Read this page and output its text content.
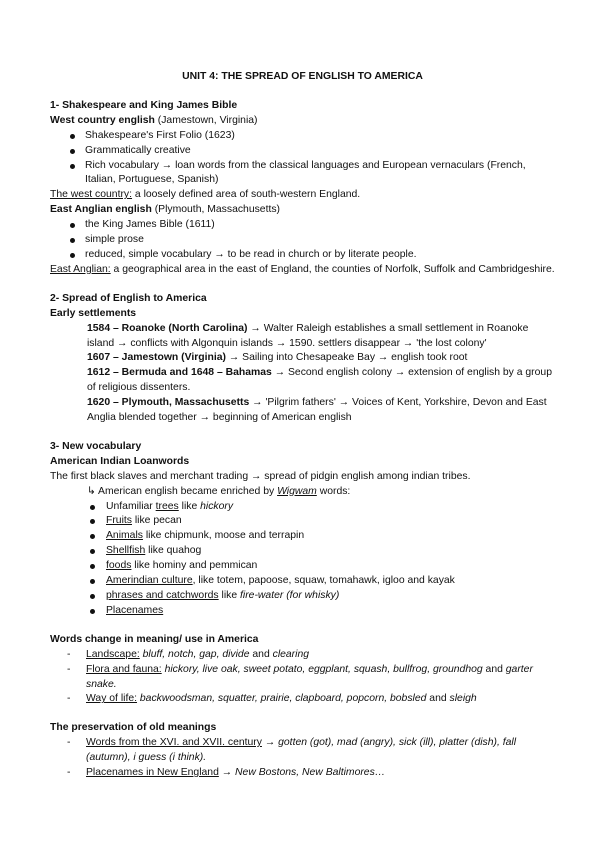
UNIT 4: THE SPREAD OF ENGLISH TO AMERICA
1- Shakespeare and King James Bible
West country english (Jamestown, Virginia)
Shakespeare's First Folio (1623)
Grammatically creative
Rich vocabulary → loan words from the classical languages and European vernaculars (French, Italian, Portuguese, Spanish)
The west country: a loosely defined area of south-western England.
East Anglian english (Plymouth, Massachusetts)
the King James Bible (1611)
simple prose
reduced, simple vocabulary → to be read in church or by literate people.
East Anglian: a geographical area in the east of England, the counties of Norfolk, Suffolk and Cambridgeshire.
2- Spread of English to America
Early settlements
1584 – Roanoke (North Carolina) → Walter Raleigh establishes a small settlement in Roanoke island → conflicts with Algonquin islands → 1590. settlers disappear → 'the lost colony'
1607 – Jamestown (Virginia) → Sailing into Chesapeake Bay → english took root
1612 – Bermuda and 1648 – Bahamas → Second english colony → extension of english by a group of religious dissenters.
1620 – Plymouth, Massachusetts → 'Pilgrim fathers' → Voices of Kent, Yorkshire, Devon and East Anglia blended together → beginning of American english
3- New vocabulary
American Indian Loanwords
The first black slaves and merchant trading → spread of pidgin english among indian tribes.
↳ American english became enriched by Wigwam words:
Unfamiliar trees like hickory
Fruits like pecan
Animals like chipmunk, moose and terrapin
Shellfish like quahog
foods like hominy and pemmican
Amerindian culture, like totem, papoose, squaw, tomahawk, igloo and kayak
phrases and catchwords like fire-water (for whisky)
Placenames
Words change in meaning/ use in America
- Landscape: bluff, notch, gap, divide and clearing
- Flora and fauna: hickory, live oak, sweet potato, eggplant, squash, bullfrog, groundhog and garter snake.
- Way of life: backwoodsman, squatter, prairie, clapboard, popcorn, bobsled and sleigh
The preservation of old meanings
- Words from the XVI. and XVII. century → gotten (got), mad (angry), sick (ill), platter (dish), fall (autumn), i guess (i think).
- Placenames in New England → New Bostons, New Baltimores…
